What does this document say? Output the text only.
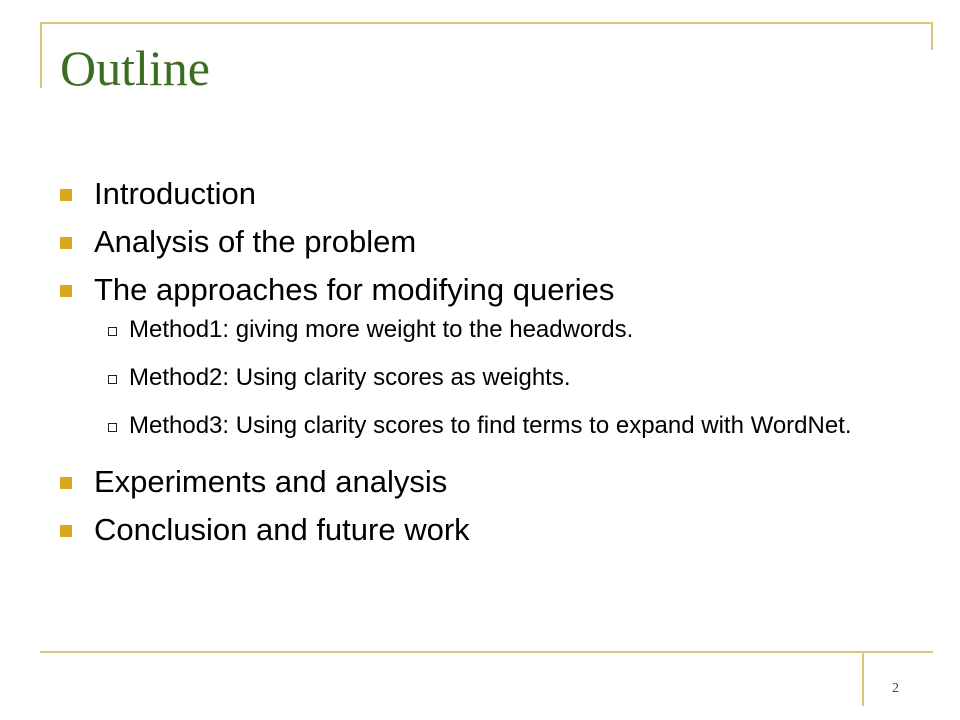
Outline
Introduction
Analysis of the problem
The approaches for modifying queries
Method1: giving more weight to the headwords.
Method2: Using clarity scores as weights.
Method3: Using clarity scores to find terms to expand with WordNet.
Experiments and analysis
Conclusion and future work
2
